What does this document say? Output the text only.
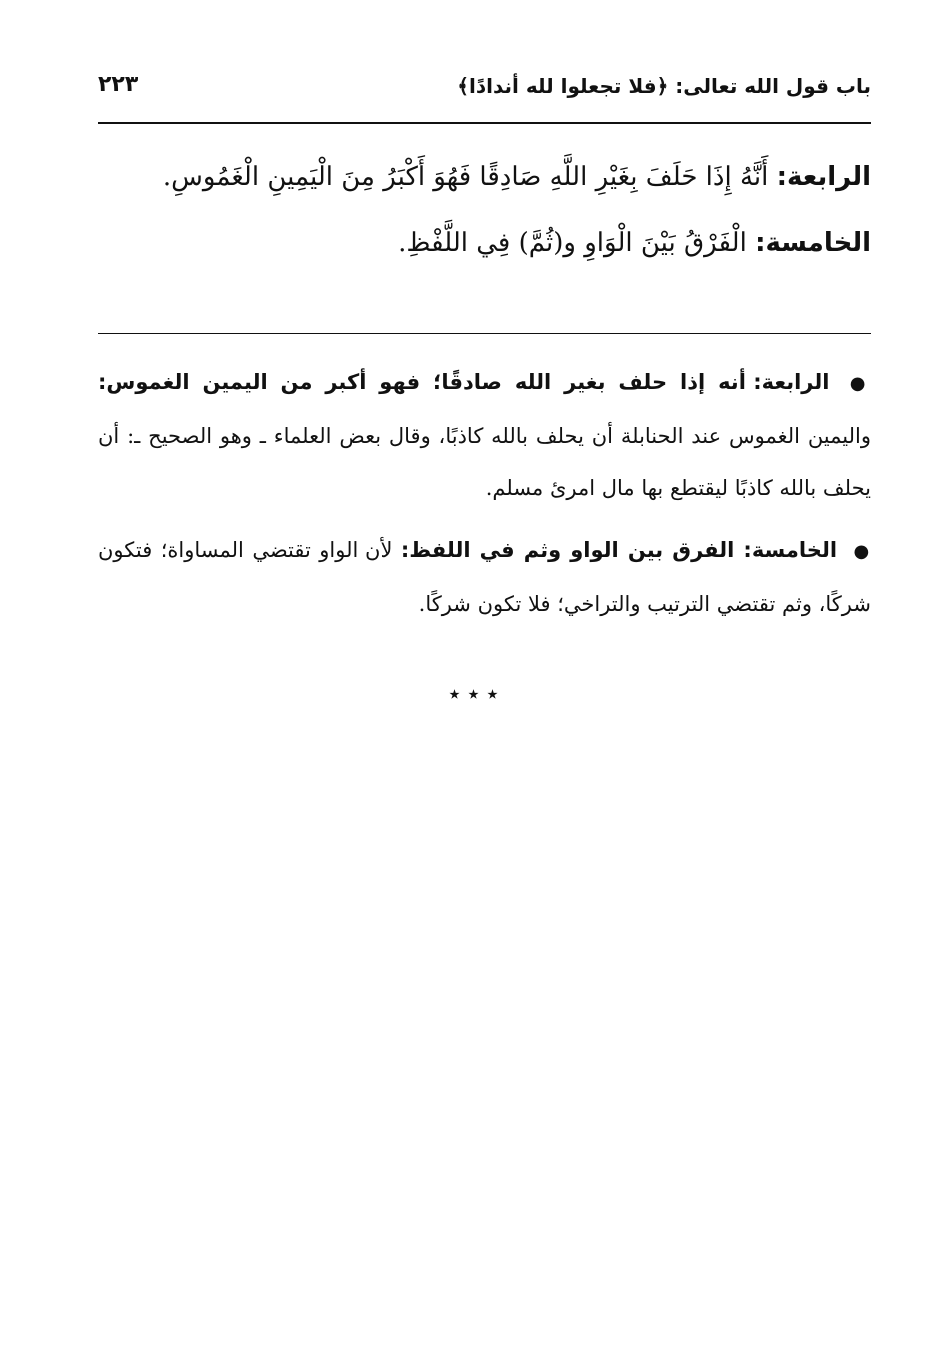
باب قول الله تعالى: ﴿فلا تجعلوا لله أندادًا﴾
٢٢٣

الرابعة: أَنَّهُ إِذَا حَلَفَ بِغَيْرِ اللَّهِ صَادِقًا فَهُوَ أَكْبَرُ مِنَ الْيَمِينِ الْغَمُوسِ.

الخامسة: الْفَرْقُ بَيْنَ الْوَاوِ و(ثُمَّ) فِي اللَّفْظِ.

● الرابعة: أنه إذا حلف بغير الله صادقًا؛ فهو أكبر من اليمين الغموس: واليمين الغموس عند الحنابلة أن يحلف بالله كاذبًا، وقال بعض العلماء ـ وهو الصحيح ـ: أن يحلف بالله كاذبًا ليقتطع بها مال امرئ مسلم.

● الخامسة: الفرق بين الواو وثم في اللفظ: لأن الواو تقتضي المساواة؛ فتكون شركًا، وثم تقتضي الترتيب والتراخي؛ فلا تكون شركًا.

٭ ٭ ٭
